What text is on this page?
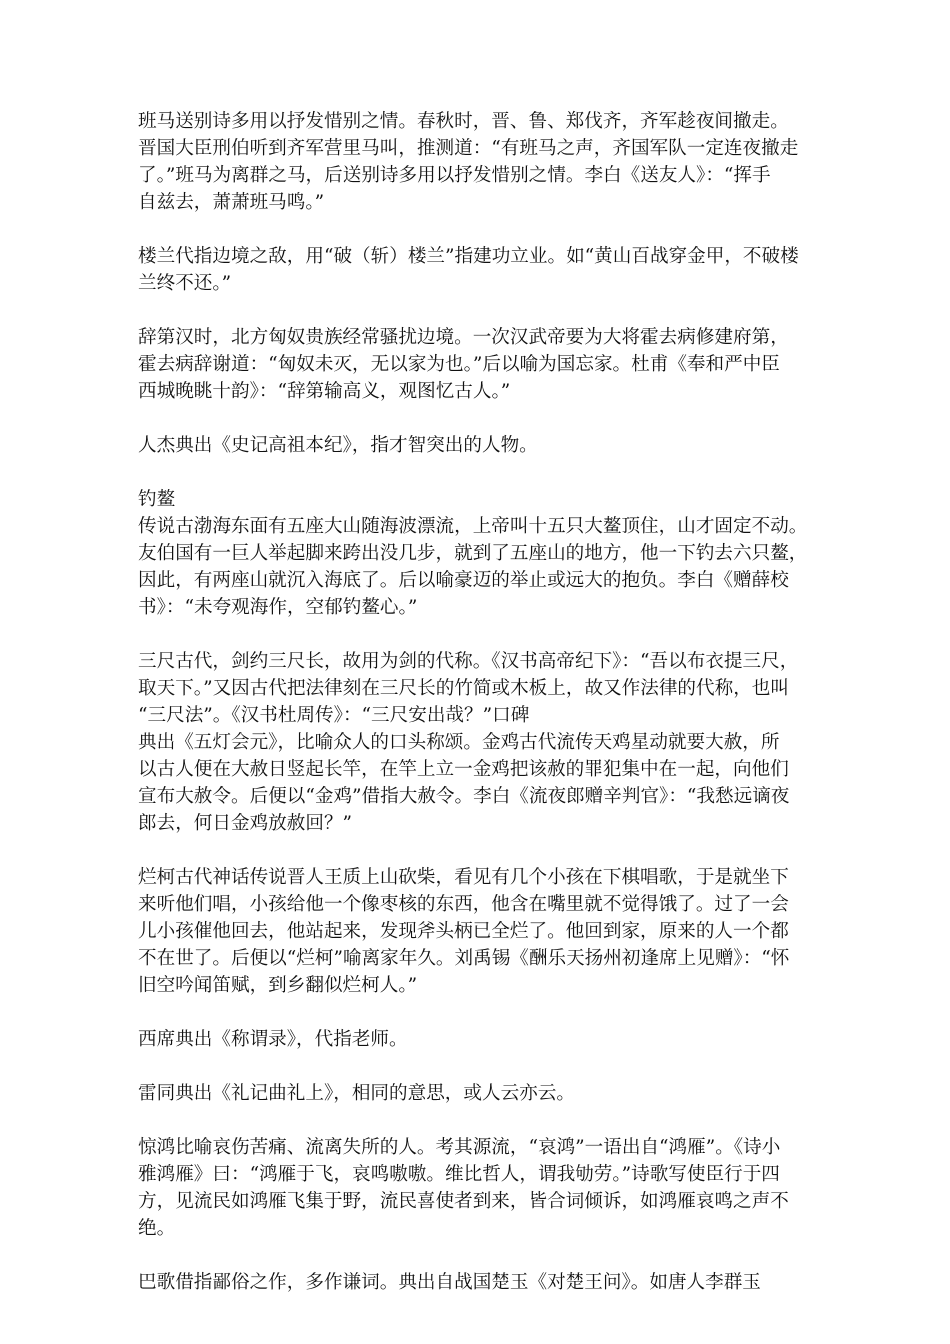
班马送别诗多用以抒发惜别之情。春秋时，晋、鲁、郑伐齐，齐军趁夜间撤走。
晋国大臣刑伯听到齐军营里马叫，推测道：“有班马之声，齐国军队一定连夜撤走
了。”班马为离群之马，后送别诗多用以抒发惜别之情。李白《送友人》：“挥手
自兹去，萧萧班马鸣。”
楼兰代指边境之敌，用“破（斩）楼兰”指建功立业。如“黄山百战穿金甲，不破楼
兰终不还。”
辞第汉时，北方匈奴贵族经常骚扰边境。一次汉武帝要为大将霍去病修建府第，
霍去病辞谢道：“匈奴未灭，无以家为也。”后以喻为国忘家。杜甫《奉和严中臣
西城晚眺十韵》：“辞第输高义，观图忆古人。”
人杰典出《史记高祖本纪》，指才智突出的人物。
钓鳌
传说古渤海东面有五座大山随海波漂流，上帝叫十五只大鳌顶住，山才固定不动。
友伯国有一巨人举起脚来跨出没几步，就到了五座山的地方，他一下钓去六只鳌，
因此，有两座山就沉入海底了。后以喻豪迈的举止或远大的抱负。李白《赠薛校
书》：“未夸观海作，空郁钓鳌心。”
三尺古代，剑约三尺长，故用为剑的代称。《汉书高帝纪下》：“吾以布衣提三尺，
取天下。”又因古代把法律刻在三尺长的竹简或木板上，故又作法律的代称，也叫
“三尺法”。《汉书杜周传》：“三尺安出哉？”口碑
典出《五灯会元》，比喻众人的口头称颂。金鸡古代流传天鸡星动就要大赦，所
以古人便在大赦日竖起长竿，在竿上立一金鸡把该赦的罪犯集中在一起，向他们
宣布大赦令。后便以“金鸡”借指大赦令。李白《流夜郎赠辛判官》：“我愁远谪夜
郎去，何日金鸡放赦回？”
烂柯古代神话传说晋人王质上山砍柴，看见有几个小孩在下棋唱歌，于是就坐下
来听他们唱，小孩给他一个像枣核的东西，他含在嘴里就不觉得饿了。过了一会
儿小孩催他回去，他站起来，发现斧头柄已全烂了。他回到家，原来的人一个都
不在世了。后便以“烂柯”喻离家年久。刘禹锡《酬乐天扬州初逢席上见赠》：“怀
旧空吟闻笛赋，到乡翻似烂柯人。”
西席典出《称谓录》，代指老师。
雷同典出《礼记曲礼上》，相同的意思，或人云亦云。
惊鸿比喻哀伤苦痛、流离失所的人。考其源流，“哀鸿”一语出自“鸿雁”。《诗小
雅鸿雁》曰：“鸿雁于飞，哀鸣嗷嗷。维比哲人，谓我劬劳。”诗歌写使臣行于四
方，见流民如鸿雁飞集于野，流民喜使者到来，皆合词倾诉，如鸿雁哀鸣之声不
绝。
巴歌借指鄙俗之作，多作谦词。典出自战国楚玉《对楚王问》。如唐人李群玉
